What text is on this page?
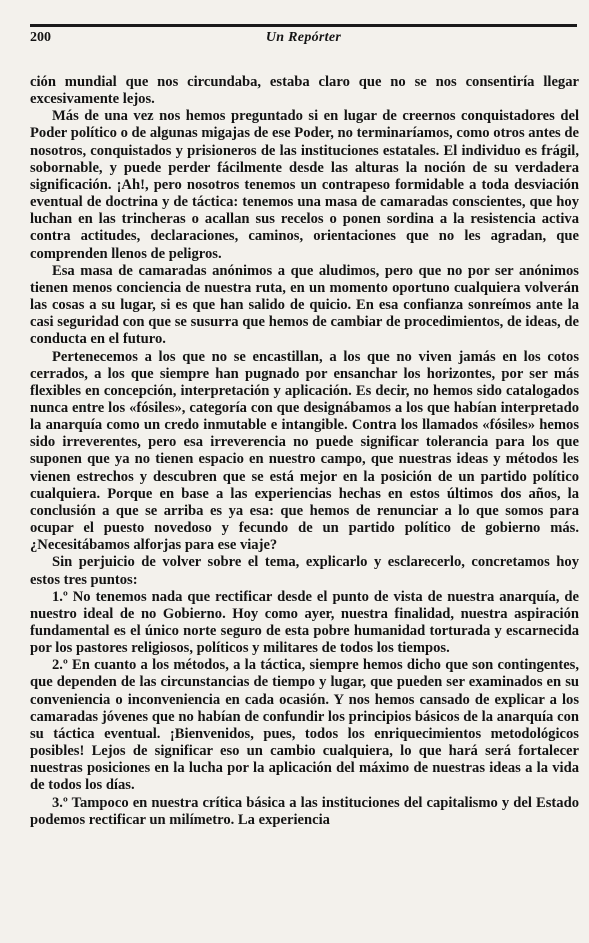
200	Un Repórter

ción mundial que nos circundaba, estaba claro que no se nos consentiría llegar excesivamente lejos.

Más de una vez nos hemos preguntado si en lugar de creernos conquistadores del Poder político o de algunas migajas de ese Poder, no terminaríamos, como otros antes de nosotros, conquistados y prisioneros de las instituciones estatales. El individuo es frágil, sobornable, y puede perder fácilmente desde las alturas la noción de su verdadera significación. ¡Ah!, pero nosotros tenemos un contrapeso formidable a toda desviación eventual de doctrina y de táctica: tenemos una masa de camaradas conscientes, que hoy luchan en las trincheras o acallan sus recelos o ponen sordina a la resistencia activa contra actitudes, declaraciones, caminos, orientaciones que no les agradan, que comprenden llenos de peligros.

Esa masa de camaradas anónimos a que aludimos, pero que no por ser anónimos tienen menos conciencia de nuestra ruta, en un momento oportuno cualquiera volverán las cosas a su lugar, si es que han salido de quicio. En esa confianza sonreímos ante la casi seguridad con que se susurra que hemos de cambiar de procedimientos, de ideas, de conducta en el futuro.

Pertenecemos a los que no se encastillan, a los que no viven jamás en los cotos cerrados, a los que siempre han pugnado por ensanchar los horizontes, por ser más flexibles en concepción, interpretación y aplicación. Es decir, no hemos sido catalogados nunca entre los «fósiles», categoría con que designábamos a los que habían interpretado la anarquía como un credo inmutable e intangible. Contra los llamados «fósiles» hemos sido irreverentes, pero esa irreverencia no puede significar tolerancia para los que suponen que ya no tienen espacio en nuestro campo, que nuestras ideas y métodos les vienen estrechos y descubren que se está mejor en la posición de un partido político cualquiera. Porque en base a las experiencias hechas en estos últimos dos años, la conclusión a que se arriba es ya esa: que hemos de renunciar a lo que somos para ocupar el puesto novedoso y fecundo de un partido político de gobierno más. ¿Necesitábamos alforjas para ese viaje?

Sin perjuicio de volver sobre el tema, explicarlo y esclarecerlo, concretamos hoy estos tres puntos:

1.º No tenemos nada que rectificar desde el punto de vista de nuestra anarquía, de nuestro ideal de no Gobierno. Hoy como ayer, nuestra finalidad, nuestra aspiración fundamental es el único norte seguro de esta pobre humanidad torturada y escarnecida por los pastores religiosos, políticos y militares de todos los tiempos.

2.º En cuanto a los métodos, a la táctica, siempre hemos dicho que son contingentes, que dependen de las circunstancias de tiempo y lugar, que pueden ser examinados en su conveniencia o inconveniencia en cada ocasión. Y nos hemos cansado de explicar a los camaradas jóvenes que no habían de confundir los principios básicos de la anarquía con su táctica eventual. ¡Bienvenidos, pues, todos los enriquecimientos metodológicos posibles! Lejos de significar eso un cambio cualquiera, lo que hará será fortalecer nuestras posiciones en la lucha por la aplicación del máximo de nuestras ideas a la vida de todos los días.

3.º Tampoco en nuestra crítica básica a las instituciones del capitalismo y del Estado podemos rectificar un milímetro. La experiencia
